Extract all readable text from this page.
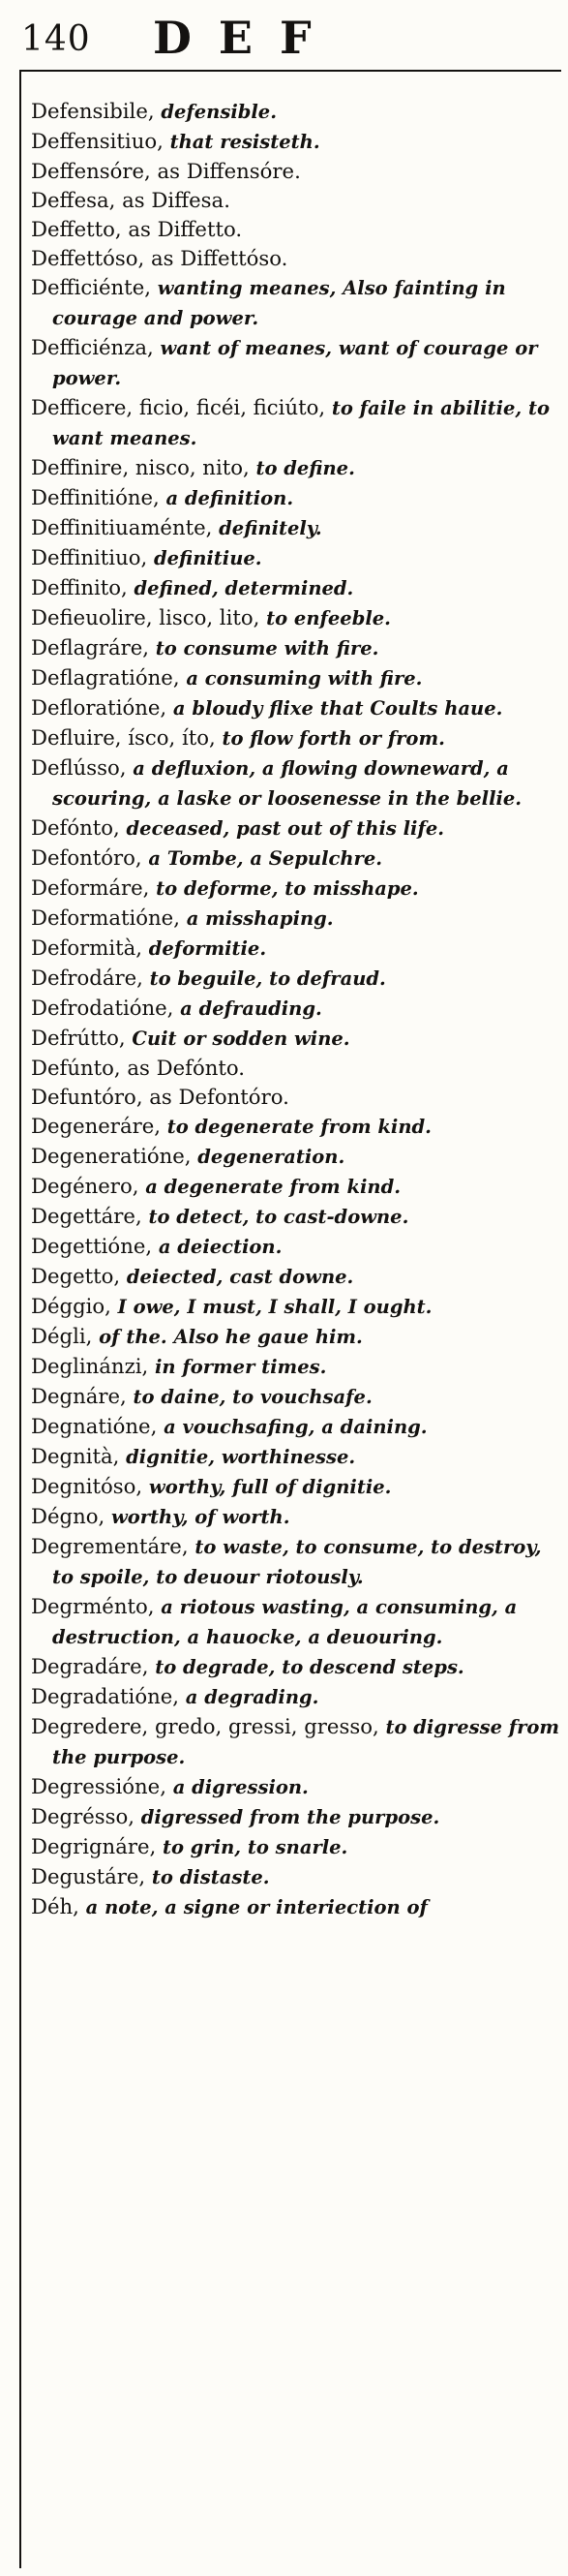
140 DEF
Defensibile, defensible.
Deffensitiuo, that resisteth.
Deffensóre, as Diffensóre.
Deffesa, as Diffesa.
Deffetto, as Diffetto.
Deffettóso, as Diffettóso.
Defficiénte, wanting meanes, Also fainting in courage and power.
Defficiénza, want of meanes, want of courage or power.
Defficere, ficio, ficéi, ficiúto, to faile in abilitie, to want meanes.
Deffinire, nisco, nito, to define.
Deffinitióne, a definition.
Deffinitiuaménte, definitely.
Deffinitiuo, definitiue.
Deffinito, defined, determined.
Defieuolire, lisco, lito, to enfeeble.
Deflagráre, to consume with fire.
Deflagratióne, a consuming with fire.
Defloratióne, a bloudy flixe that Coults haue.
Defluire, ísco, íto, to flow forth or from.
Deflússo, a defluxion, a flowing downeward, a scouring, a laske or loosenesse in the bellie.
Defónto, deceased, past out of this life.
Defontóro, a Tombe, a Sepulchre.
Deformáre, to deforme, to misshape.
Deformatióne, a misshaping.
Deformità, deformitie.
Defrodáre, to beguile, to defraud.
Defrodatióne, a defrauding.
Defrútto, Cuit or sodden wine.
Defúnto, as Defónto.
Defuntóro, as Defontóro.
Degeneráre, to degenerate from kind.
Degeneratióne, degeneration.
Degénero, a degenerate from kind.
Degettáre, to detect, to cast-downe.
Degettióne, a deiection.
Degetto, deiected, cast downe.
Déggio, I owe, I must, I shall, I ought.
Dégli, of the. Also he gaue him.
Deglinánzi, in former times.
Degnáre, to daine, to vouchsafe.
Degnatióne, a vouchsafing, a daining.
Degnità, dignitie, worthinesse.
Degnitóso, worthy, full of dignitie.
Dégno, worthy, of worth.
Degrementáre, to waste, to consume, to destroy, to spoile, to deuour riotously.
Degrménto, a riotous wasting, a consuming, a destruction, a hauocke, a deuouring.
Degradáre, to degrade, to descend steps.
Degradatióne, a degrading.
Degredere, gredo, gressi, gresso, to digresse from the purpose.
Degressióne, a digression.
Degrésso, digressed from the purpose.
Degrignáre, to grin, to snarle.
Degustáre, to distaste.
Déh, a note, a signe or interiection of
